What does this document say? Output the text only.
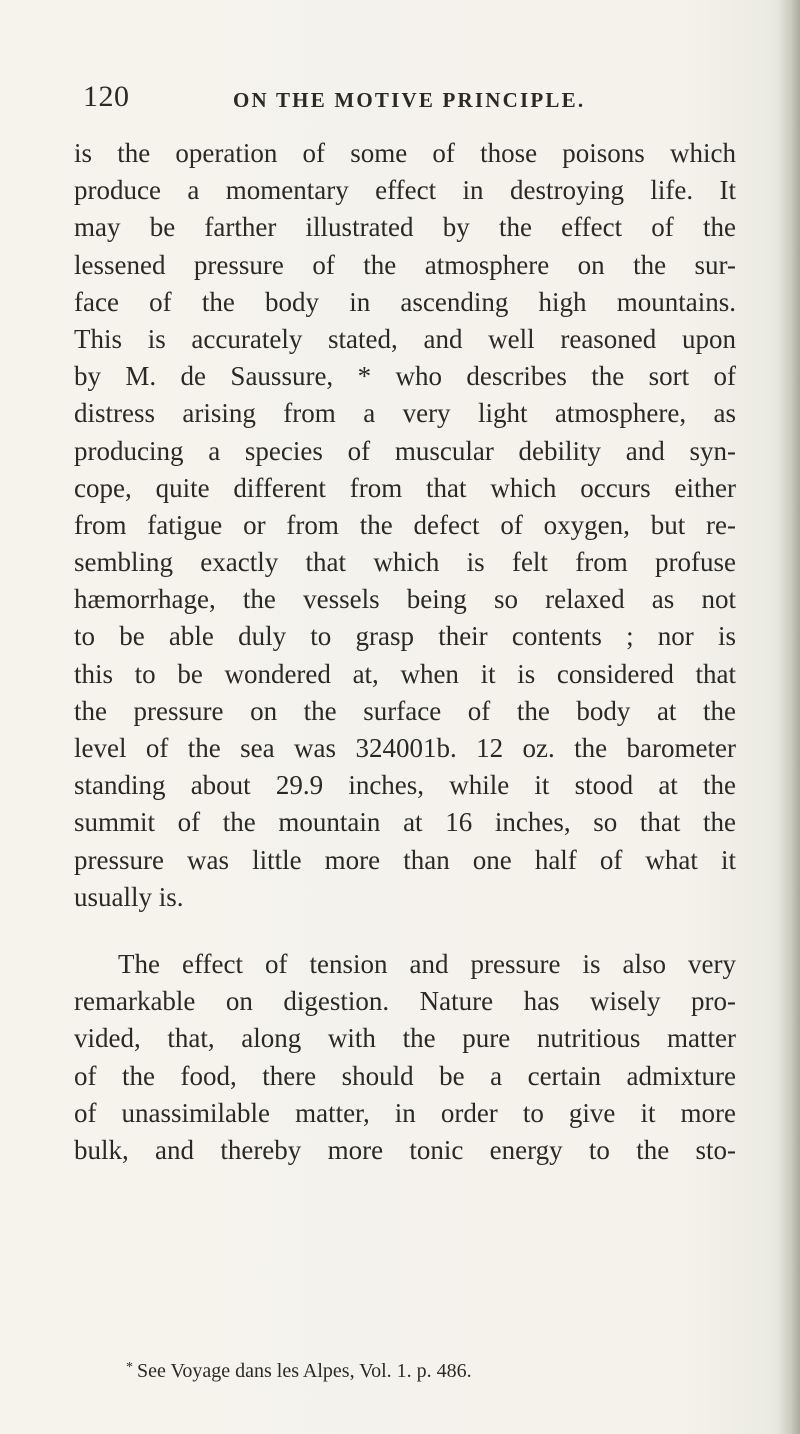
120	ON THE MOTIVE PRINCIPLE.
is the operation of some of those poisons which
produce a momentary effect in destroying life. It
may be farther illustrated by the effect of the
lessened pressure of the atmosphere on the sur-
face of the body in ascending high mountains.
This is accurately stated, and well reasoned upon
by M. de Saussure, * who describes the sort of
distress arising from a very light atmosphere, as
producing a species of muscular debility and syn-
cope, quite different from that which occurs either
from fatigue or from the defect of oxygen, but re-
sembling exactly that which is felt from profuse
hæmorrhage, the vessels being so relaxed as not
to be able duly to grasp their contents ; nor is
this to be wondered at, when it is considered that
the pressure on the surface of the body at the
level of the sea was 324001b. 12 oz. the barometer
standing about 29.9 inches, while it stood at the
summit of the mountain at 16 inches, so that the
pressure was little more than one half of what it
usually is.
The effect of tension and pressure is also very
remarkable on digestion. Nature has wisely pro-
vided, that, along with the pure nutritious matter
of the food, there should be a certain admixture
of unassimilable matter, in order to give it more
bulk, and thereby more tonic energy to the sto-
* See Voyage dans les Alpes, Vol. 1. p. 486.
